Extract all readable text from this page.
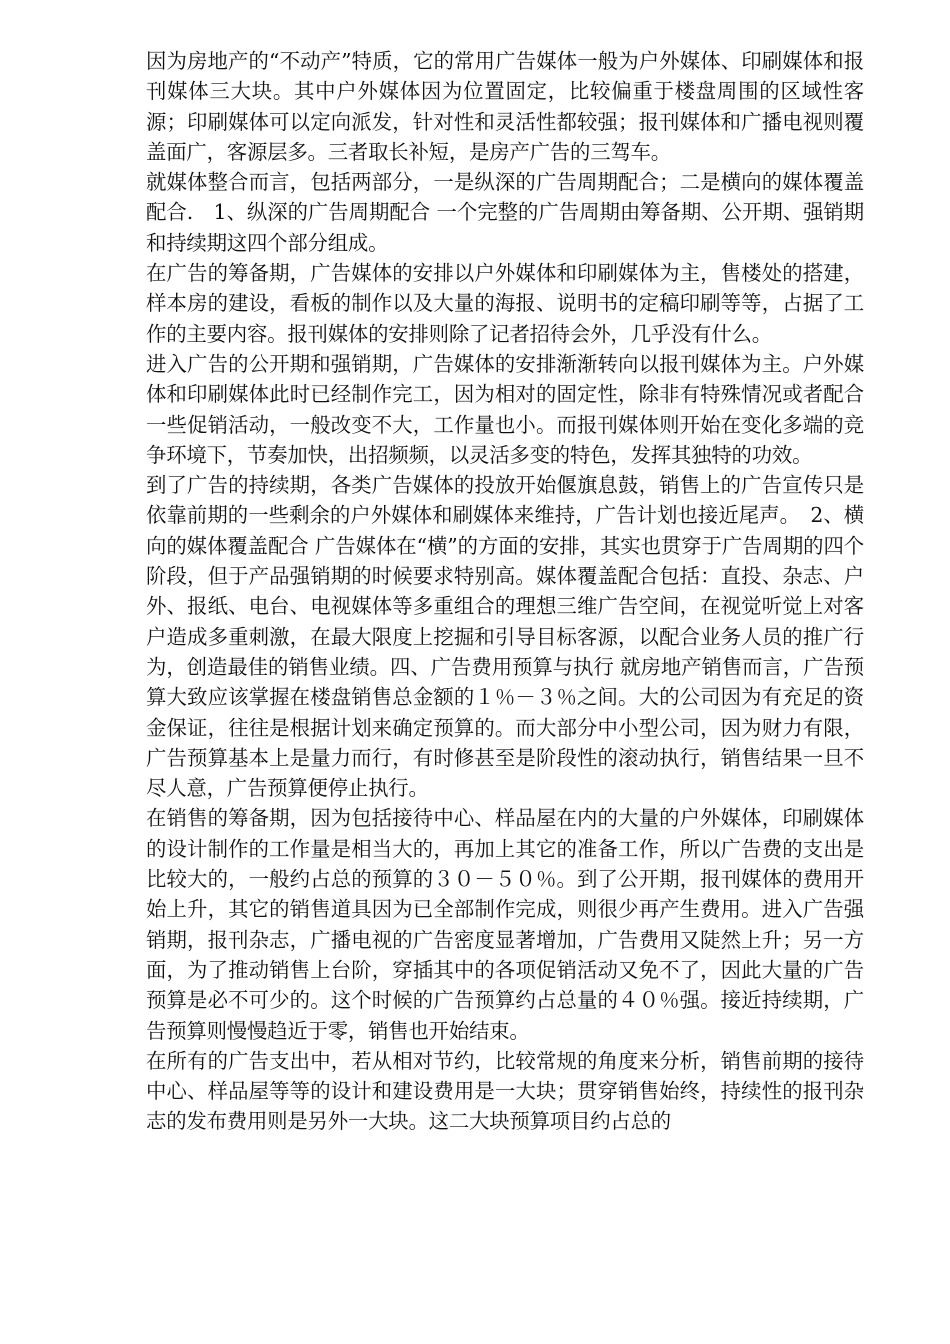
因为房地产的“不动产”特质，它的常用广告媒体一般为户外媒体、印刷媒体和报刊媒体三大块。其中户外媒体因为位置固定，比较偏重于楼盘周围的区域性客源；印刷媒体可以定向派发，针对性和灵活性都较强；报刊媒体和广播电视则覆盖面广，客源层多。三者取长补短，是房产广告的三驾车。

就媒体整合而言，包括两部分，一是纵深的广告周期配合；二是横向的媒体覆盖配合.　1、纵深的广告周期配合 一个完整的广告周期由筹备期、公开期、强销期和持续期这四个部分组成。

在广告的筹备期，广告媒体的安排以户外媒体和印刷媒体为主，售楼处的搭建，样本房的建设，看板的制作以及大量的海报、说明书的定稿印刷等等，占据了工作的主要内容。报刊媒体的安排则除了记者招待会外，几乎没有什么。

进入广告的公开期和强销期，广告媒体的安排渐渐转向以报刊媒体为主。户外媒体和印刷媒体此时已经制作完工，因为相对的固定性，除非有特殊情况或者配合一些促销活动，一般改变不大，工作量也小。而报刊媒体则开始在变化多端的竞争环境下，节奏加快，出招频频，以灵活多变的特色，发挥其独特的功效。

到了广告的持续期，各类广告媒体的投放开始偃旗息鼓，销售上的广告宣传只是依靠前期的一些剩余的户外媒体和刷媒体来维持，广告计划也接近尾声。　2、横向的媒体覆盖配合 广告媒体在“横”的方面的安排，其实也贯穿于广告周期的四个阶段，但于产品强销期的时候要求特别高。媒体覆盖配合包括：直投、杂志、户外、报纸、电台、电视媒体等多重组合的理想三维广告空间，在视觉听觉上对客户造成多重刺激，在最大限度上挖掘和引导目标客源，以配合业务人员的推广行为，创造最佳的销售业绩。四、广告费用预算与执行 就房地产销售而言，广告预算大致应该掌握在楼盘销售总金额的１％－３％之间。大的公司因为有充足的资金保证，往往是根据计划来确定预算的。而大部分中小型公司，因为财力有限，广告预算基本上是量力而行，有时修甚至是阶段性的滚动执行，销售结果一旦不尽人意，广告预算便停止执行。

在销售的筹备期，因为包括接待中心、样品屋在内的大量的户外媒体，印刷媒体的设计制作的工作量是相当大的，再加上其它的准备工作，所以广告费的支出是比较大的，一般约占总的预算的３０－５０％。到了公开期，报刊媒体的费用开始上升，其它的销售道具因为已全部制作完成，则很少再产生费用。进入广告强销期，报刊杂志，广播电视的广告密度显著增加，广告费用又陡然上升；另一方面，为了推动销售上台阶，穿插其中的各项促销活动又免不了，因此大量的广告预算是必不可少的。这个时候的广告预算约占总量的４０％强。接近持续期，广告预算则慢慢趋近于零，销售也开始结束。

在所有的广告支出中，若从相对节约，比较常规的角度来分析，销售前期的接待中心、样品屋等等的设计和建设费用是一大块；贯穿销售始终，持续性的报刊杂志的发布费用则是另外一大块。这二大块预算项目约占总的
